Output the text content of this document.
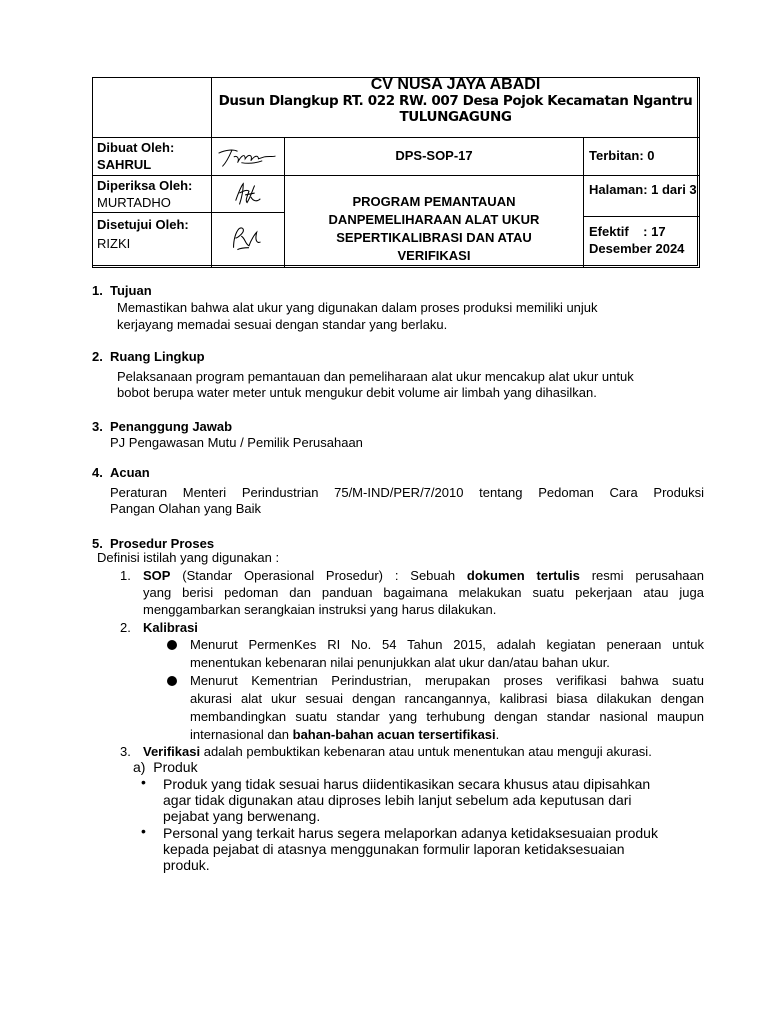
CV NUSA JAYA ABADI
Dusun Dlangkup RT. 022 RW. 007 Desa Pojok Kecamatan Ngantru
TULUNGAGUNG
Dibuat Oleh:
SAHRUL
DPS-SOP-17	Terbitan: 0
Diperiksa Oleh:
MURTADHO	PROGRAM PEMANTAUAN
DANPEMELIHARAAN ALAT UKUR
SEPERTIKALIBRASI DAN ATAU
VERIFIKASI
Halaman: 1 dari 3
Disetujui Oleh:
RIZKI
Efektif    : 17 Desember 2024
1. Tujuan
Memastikan bahwa alat ukur yang digunakan dalam proses produksi memiliki unjuk
kerjayang memadai sesuai dengan standar yang berlaku.
2. Ruang Lingkup
Pelaksanaan program pemantauan dan pemeliharaan alat ukur mencakup alat ukur untuk
bobot berupa water meter untuk mengukur debit volume air limbah yang dihasilkan.
3. Penanggung Jawab
PJ Pengawasan Mutu / Pemilik Perusahaan
4. Acuan
Peraturan Menteri Perindustrian 75/M-IND/PER/7/2010 tentang Pedoman Cara Produksi
Pangan Olahan yang Baik
5. Prosedur Proses
Definisi istilah yang digunakan :
1. SOP (Standar Operasional Prosedur) : Sebuah dokumen tertulis resmi perusahaan
yang berisi pedoman dan panduan bagaimana melakukan suatu pekerjaan atau juga
menggambarkan serangkaian instruksi yang harus dilakukan.
2. Kalibrasi
Menurut PermenKes RI No. 54 Tahun 2015, adalah kegiatan peneraan untuk
menentukan kebenaran nilai penunjukkan alat ukur dan/atau bahan ukur.
Menurut Kementrian Perindustrian, merupakan proses verifikasi bahwa suatu
akurasi alat ukur sesuai dengan rancangannya, kalibrasi biasa dilakukan dengan
membandingkan suatu standar yang terhubung dengan standar nasional maupun
internasional dan bahan-bahan acuan tersertifikasi.
3. Verifikasi adalah pembuktikan kebenaran atau untuk menentukan atau menguji akurasi.
a)  Produk
• Produk yang tidak sesuai harus diidentikasikan secara khusus atau dipisahkan
agar tidak digunakan atau diproses lebih lanjut sebelum ada keputusan dari
pejabat yang berwenang.
• Personal yang terkait harus segera melaporkan adanya ketidaksesuaian produk
kepada pejabat di atasnya menggunakan formulir laporan ketidaksesuaian
produk.
